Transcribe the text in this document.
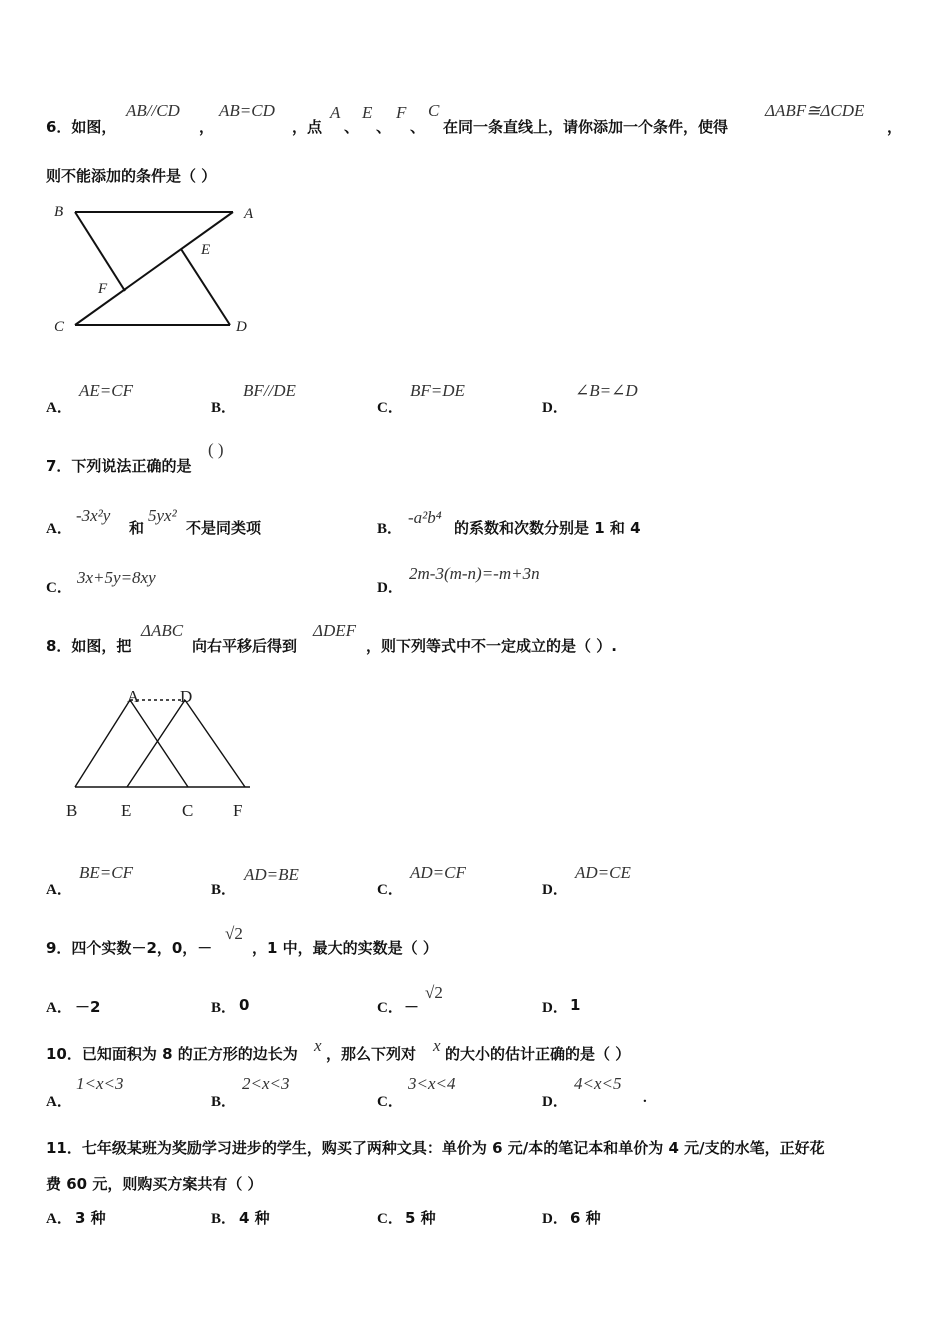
6．如图，
AB//CD
，
AB=CD
，点
A
、
E
、
F
、
C
在同一条直线上，请你添加一个条件，使得
ΔABF≅ΔCDE
，
则不能添加的条件是（ ）
B	A
E
F
C	D
A．
AE=CF
B．
BF//DE
C．
BF=DE
D．
∠B=∠D
7．下列说法正确的是
( )
A．
-3x²y
和
5yx²
不是同类项	B．
-a²b⁴
的系数和次数分别是 1 和 4
C．
3x+5y=8xy
D．
2m-3(m-n)=-m+3n
8．如图，把
ΔABC
向右平移后得到
ΔDEF
，则下列等式中不一定成立的是（ ）.
A D
B	E	C F
A．
BE=CF
B．
AD=BE
C．
AD=CF
D．
AD=CE
9．四个实数－2，0，－
√2
，1 中，最大的实数是（ ）
A． －2	B． 0	C． －
√2
D． 1
10．已知面积为 8 的正方形的边长为 x ，那么下列对 x 的大小的估计正确的是（ ）
A．
1<x<3
B．
2<x<3
C．
3<x<4
D．
4<x<5
.
11．七年级某班为奖励学习进步的学生，购买了两种文具：单价为 6 元/本的笔记本和单价为 4 元/支的水笔，正好花
费 60 元，则购买方案共有（ ）
A． 3 种	B． 4 种	C． 5 种	D． 6 种
